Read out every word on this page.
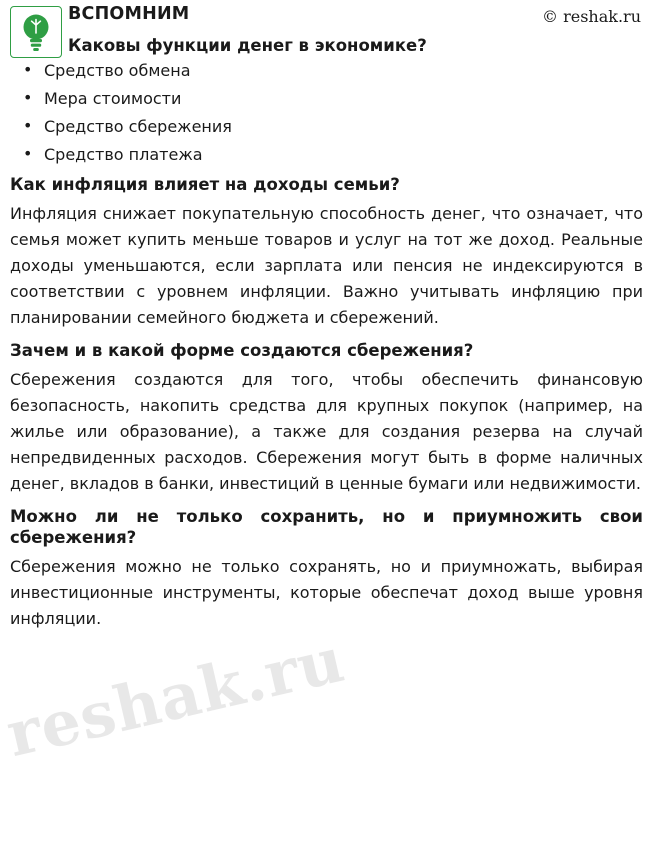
reshak.ru
© reshak.ru
ВСПОМНИМ
Каковы функции денег в экономике?
• Средство обмена
• Мера стоимости
• Средство сбережения
• Средство платежа
Как инфляция влияет на доходы семьи?

Инфляция снижает покупательную способность денег, что означает, что семья может купить меньше товаров и услуг на тот же доход. Реальные доходы уменьшаются, если зарплата или пенсия не индексируются в соответствии с уровнем инфляции. Важно учитывать инфляцию при планировании семейного бюджета и сбережений.

Зачем и в какой форме создаются сбережения?

Сбережения создаются для того, чтобы обеспечить финансовую безопасность, накопить средства для крупных покупок (например, на жилье или образование), а также для создания резерва на случай непредвиденных расходов. Сбережения могут быть в форме наличных денег, вкладов в банки, инвестиций в ценные бумаги или недвижимости.

Можно ли не только сохранить, но и приумножить свои сбережения?

Сбережения можно не только сохранять, но и приумножать, выбирая инвестиционные инструменты, которые обеспечат доход выше уровня инфляции.
